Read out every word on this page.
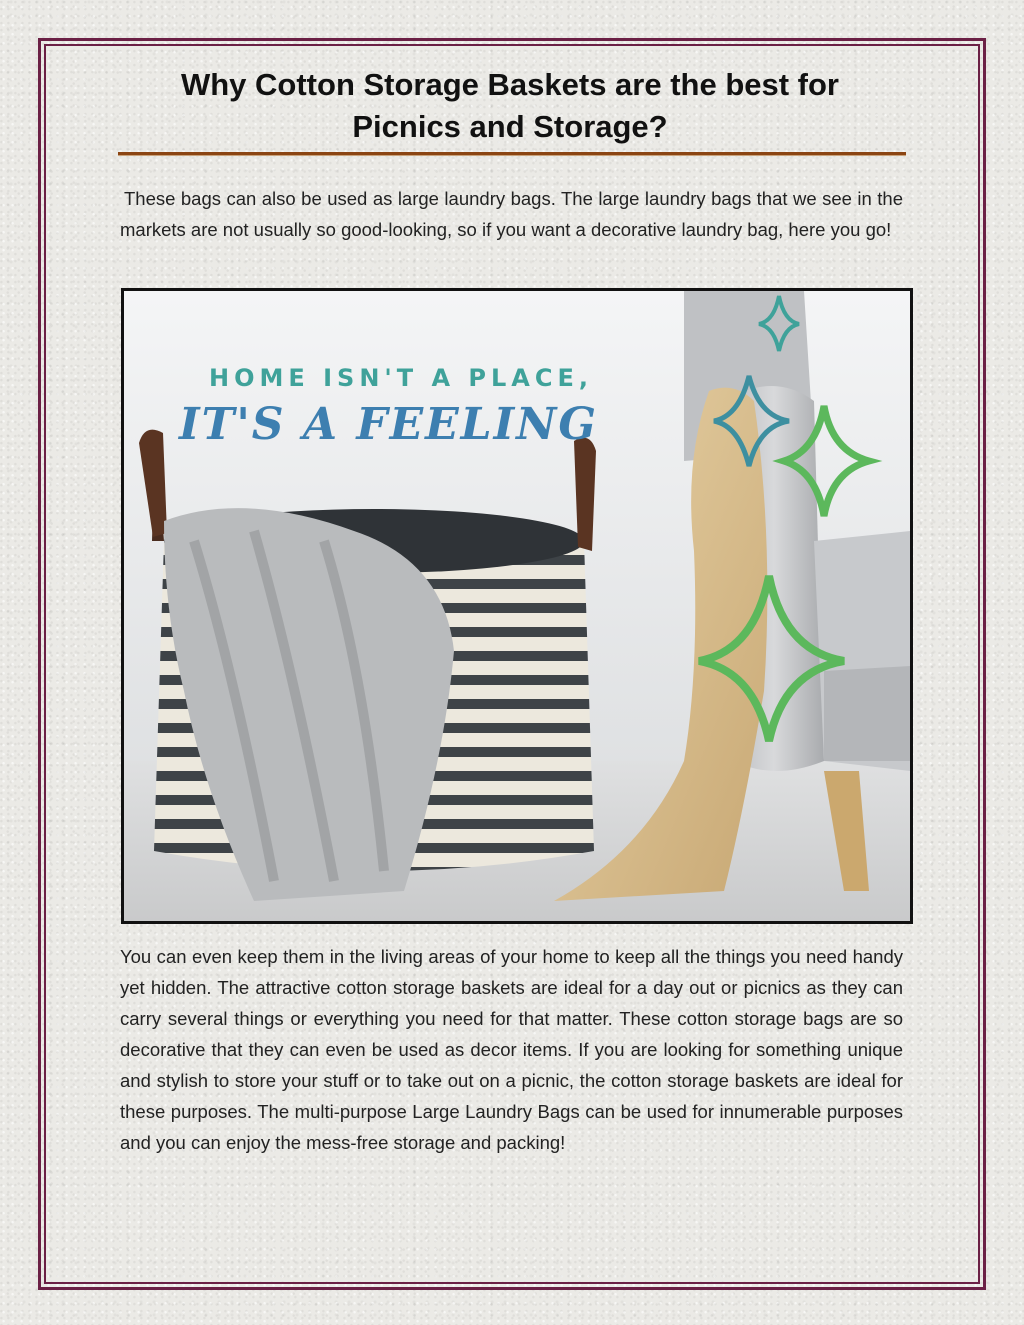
Why Cotton Storage Baskets are the best for
Picnics and Storage?

These bags can also be used as large laundry bags. The large laundry bags that we see in the markets are not usually so good-looking, so if you want a decorative laundry bag, here you go!

HOME ISN'T A PLACE,
IT'S A FEELING

You can even keep them in the living areas of your home to keep all the things you need handy yet hidden. The attractive cotton storage baskets are ideal for a day out or picnics as they can carry several things or everything you need for that matter. These cotton storage bags are so decorative that they can even be used as decor items. If you are looking for something unique and stylish to store your stuff or to take out on a picnic, the cotton storage baskets are ideal for these purposes. The multi-purpose Large Laundry Bags can be used for innumerable purposes and you can enjoy the mess-free storage and packing!
